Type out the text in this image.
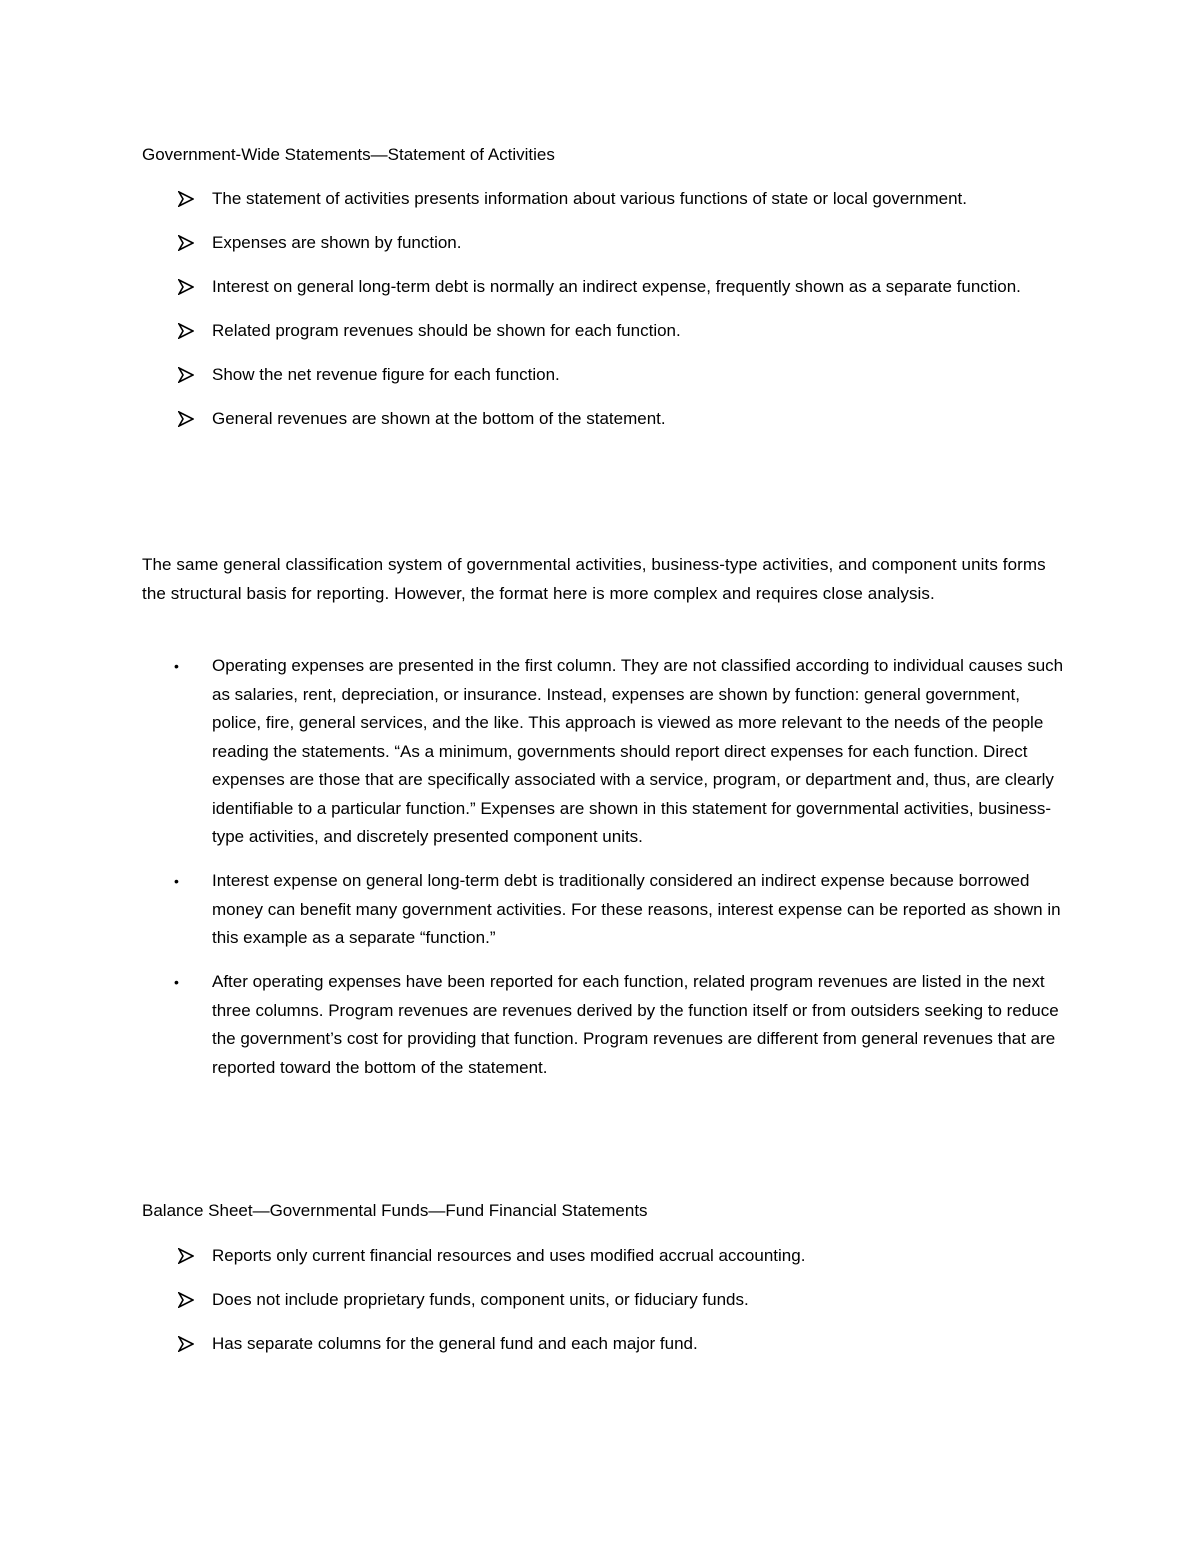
Government-Wide Statements—Statement of Activities
The statement of activities presents information about various functions of state or local government.
Expenses are shown by function.
Interest on general long-term debt is normally an indirect expense, frequently shown as a separate function.
Related program revenues should be shown for each function.
Show the net revenue figure for each function.
General revenues are shown at the bottom of the statement.
The same general classification system of governmental activities, business-type activities, and component units forms the structural basis for reporting. However, the format here is more complex and requires close analysis.
• Operating expenses are presented in the first column. They are not classified according to individual causes such as salaries, rent, depreciation, or insurance. Instead, expenses are shown by function: general government, police, fire, general services, and the like. This approach is viewed as more relevant to the needs of the people reading the statements. “As a minimum, governments should report direct expenses for each function. Direct expenses are those that are specifically associated with a service, program, or department and, thus, are clearly identifiable to a particular function.” Expenses are shown in this statement for governmental activities, business-type activities, and discretely presented component units.
• Interest expense on general long-term debt is traditionally considered an indirect expense because borrowed money can benefit many government activities. For these reasons, interest expense can be reported as shown in this example as a separate “function.”
• After operating expenses have been reported for each function, related program revenues are listed in the next three columns. Program revenues are revenues derived by the function itself or from outsiders seeking to reduce the government’s cost for providing that function. Program revenues are different from general revenues that are reported toward the bottom of the statement.
Balance Sheet—Governmental Funds—Fund Financial Statements
Reports only current financial resources and uses modified accrual accounting.
Does not include proprietary funds, component units, or fiduciary funds.
Has separate columns for the general fund and each major fund.
